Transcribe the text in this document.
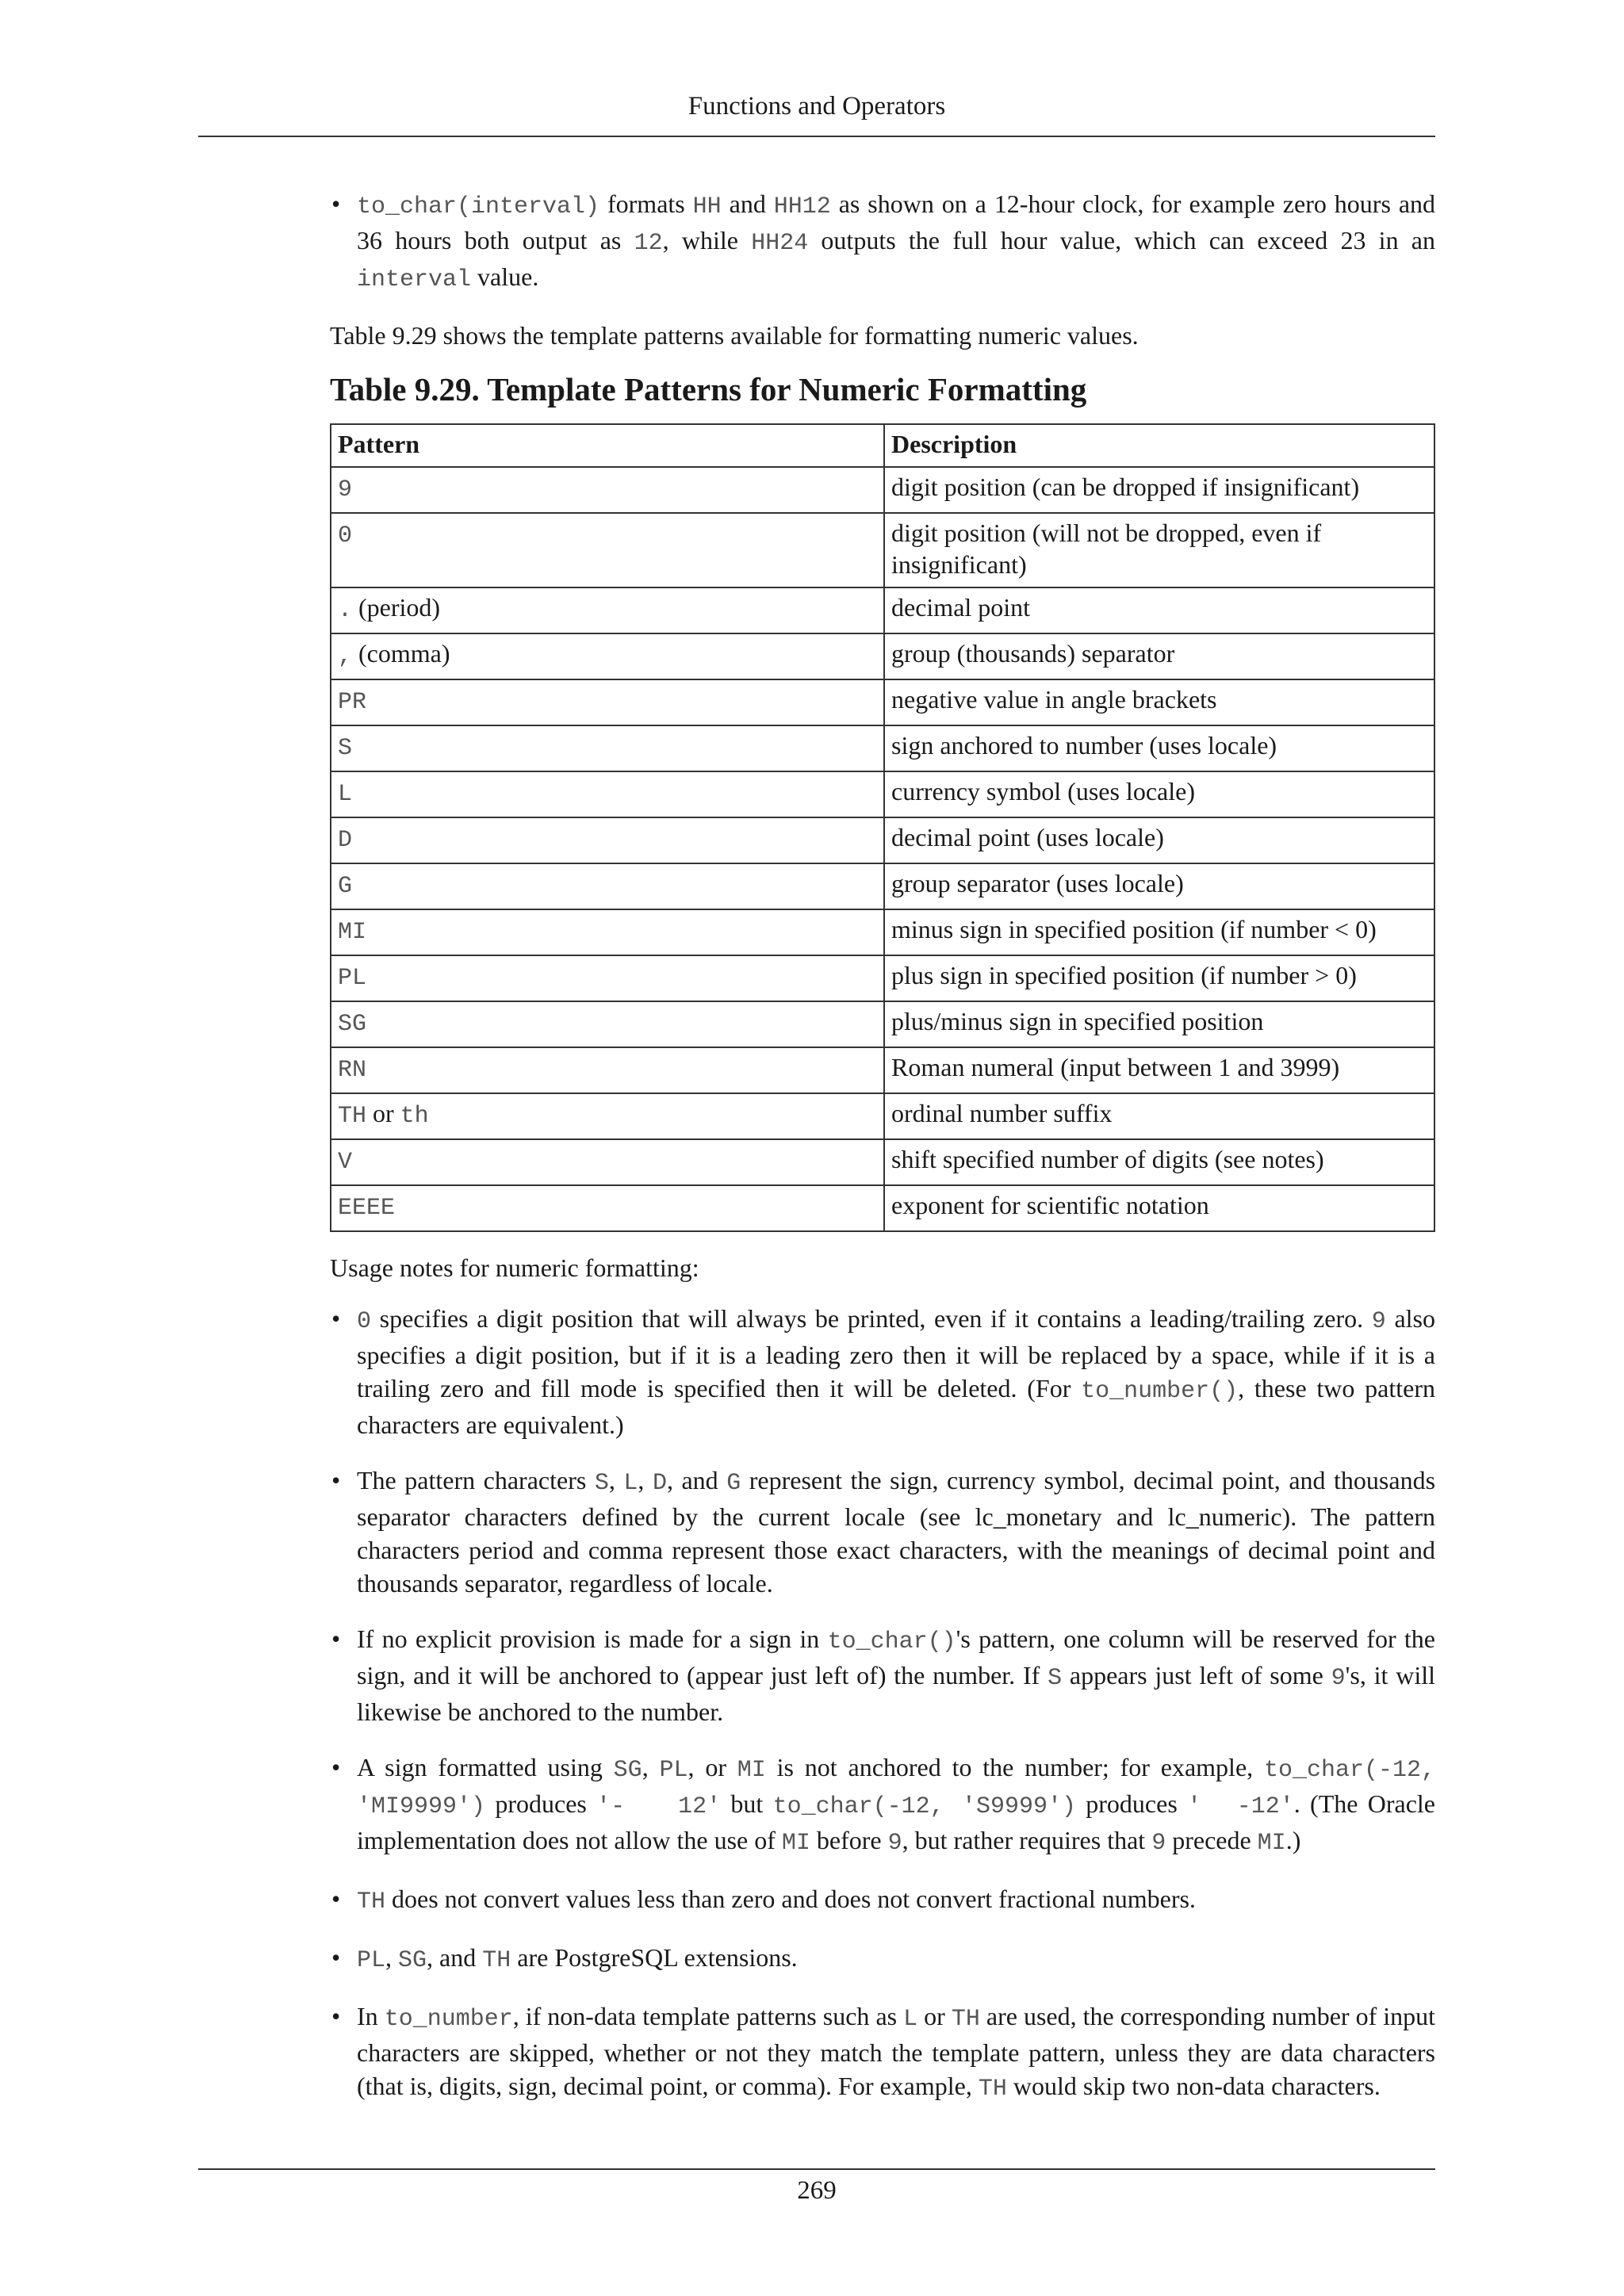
Functions and Operators
• to_char(interval) formats HH and HH12 as shown on a 12-hour clock, for example zero hours and 36 hours both output as 12, while HH24 outputs the full hour value, which can exceed 23 in an interval value.

Table 9.29 shows the template patterns available for formatting numeric values.

Table 9.29. Template Patterns for Numeric Formatting
Pattern	Description
9	digit position (can be dropped if insignificant)
0	digit position (will not be dropped, even if insignificant)
. (period)	decimal point
, (comma)	group (thousands) separator
PR	negative value in angle brackets
S	sign anchored to number (uses locale)
L	currency symbol (uses locale)
D	decimal point (uses locale)
G	group separator (uses locale)
MI	minus sign in specified position (if number < 0)
PL	plus sign in specified position (if number > 0)
SG	plus/minus sign in specified position
RN	Roman numeral (input between 1 and 3999)
TH or th	ordinal number suffix
V	shift specified number of digits (see notes)
EEEE	exponent for scientific notation

Usage notes for numeric formatting:

• 0 specifies a digit position that will always be printed, even if it contains a leading/trailing zero. 9 also specifies a digit position, but if it is a leading zero then it will be replaced by a space, while if it is a trailing zero and fill mode is specified then it will be deleted. (For to_number(), these two pattern characters are equivalent.)
• The pattern characters S, L, D, and G represent the sign, currency symbol, decimal point, and thousands separator characters defined by the current locale (see lc_monetary and lc_numeric). The pattern characters period and comma represent those exact characters, with the meanings of decimal point and thousands separator, regardless of locale.
• If no explicit provision is made for a sign in to_char()'s pattern, one column will be reserved for the sign, and it will be anchored to (appear just left of) the number. If S appears just left of some 9's, it will likewise be anchored to the number.
• A sign formatted using SG, PL, or MI is not anchored to the number; for example, to_char(-12, 'MI9999') produces '-   12' but to_char(-12, 'S9999') produces '  -12'. (The Oracle implementation does not allow the use of MI before 9, but rather requires that 9 precede MI.)
• TH does not convert values less than zero and does not convert fractional numbers.
• PL, SG, and TH are PostgreSQL extensions.
• In to_number, if non-data template patterns such as L or TH are used, the corresponding number of input characters are skipped, whether or not they match the template pattern, unless they are data characters (that is, digits, sign, decimal point, or comma). For example, TH would skip two non-data characters.
269
